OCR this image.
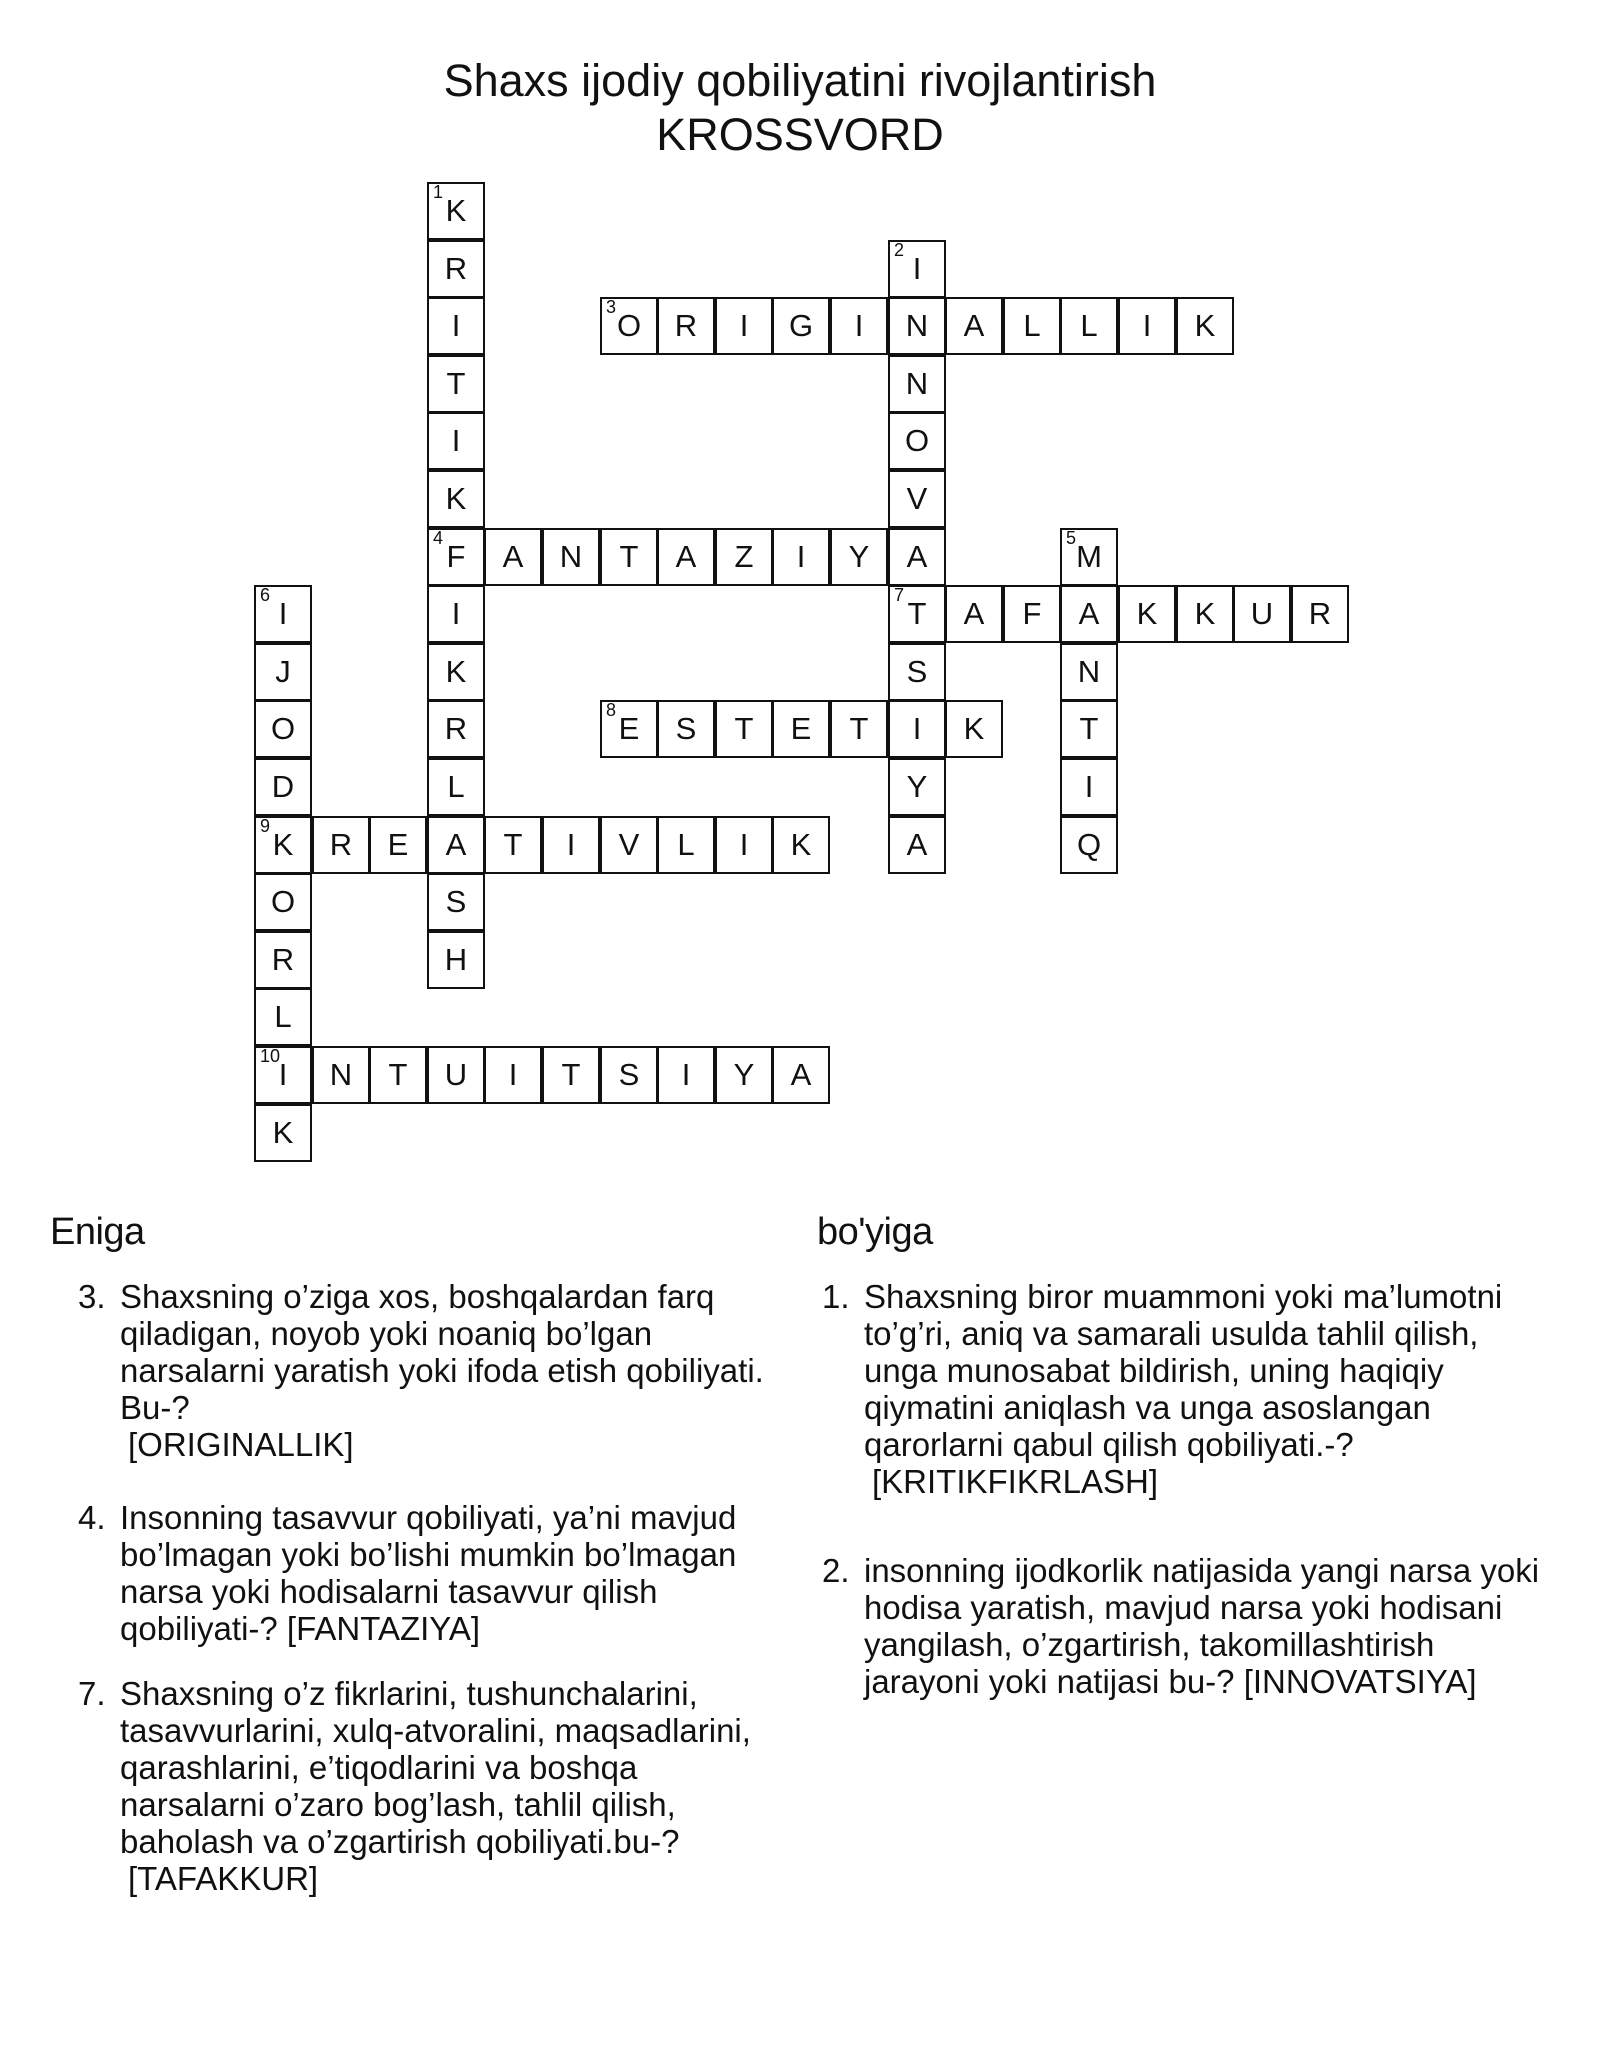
Shaxs ijodiy qobiliyatini rivojlantirish
KROSSVORD
1
K
R
I
T
I
K
4
F
I
K
R
L
A
S
H
2
I
N
N
O
V
A
7
T
S
I
Y
A
3
O	R	I	G	I	A	L	L	I	K
A	N	T	A	Z	I	Y
5
M
A
N
T
I
Q
6
I
J
O
D
9
K
O
R
L
10
I
K
A	F	K	K	U	R
8
E	S	T	E	T	K
R	E	T	I	V	L	I	K
N	T	U	I	T	S	I	Y	A
Eniga	bo'yiga
3. Shaxsning o’ziga xos, boshqalardan farq qiladigan, noyob yoki noaniq bo’lgan narsalarni yaratish yoki ifoda etish qobiliyati. Bu-?
[ORIGINALLIK]
4. Insonning tasavvur qobiliyati, ya’ni mavjud bo’lmagan yoki bo’lishi mumkin bo’lmagan narsa yoki hodisalarni tasavvur qilish qobiliyati-? [FANTAZIYA]
7. Shaxsning o’z fikrlarini, tushunchalarini, tasavvurlarini, xulq-atvoralini, maqsadlarini, qarashlarini, e’tiqodlarini va boshqa narsalarni o’zaro bog’lash, tahlil qilish, baholash va o’zgartirish qobiliyati.bu-?
[TAFAKKUR]
1. Shaxsning biror muammoni yoki ma’lumotni to’g’ri, aniq va samarali usulda tahlil qilish, unga munosabat bildirish, uning haqiqiy qiymatini aniqlash va unga asoslangan qarorlarni qabul qilish qobiliyati.-?
[KRITIKFIKRLASH]
2. insonning ijodkorlik natijasida yangi narsa yoki hodisa yaratish, mavjud narsa yoki hodisani yangilash, o’zgartirish, takomillashtirish jarayoni yoki natijasi bu-? [INNOVATSIYA]
